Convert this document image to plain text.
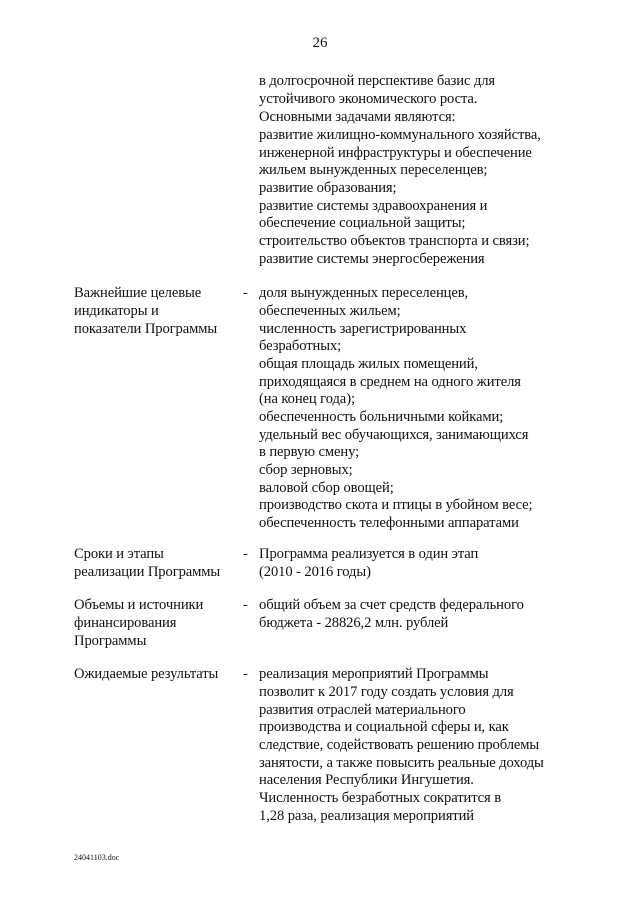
26
в долгосрочной перспективе базис для
устойчивого экономического роста.
Основными задачами являются:
развитие жилищно-коммунального хозяйства,
инженерной инфраструктуры и обеспечение
жильем вынужденных переселенцев;
развитие образования;
развитие системы здравоохранения и
обеспечение социальной защиты;
строительство объектов транспорта и связи;
развитие системы энергосбережения
Важнейшие целевые
индикаторы и
показатели Программы
- доля вынужденных переселенцев,
обеспеченных жильем;
численность зарегистрированных
безработных;
общая площадь жилых помещений,
приходящаяся в среднем на одного жителя
(на конец года);
обеспеченность больничными койками;
удельный вес обучающихся, занимающихся
в первую смену;
сбор зерновых;
валовой сбор овощей;
производство скота и птицы в убойном весе;
обеспеченность телефонными аппаратами
Сроки и этапы
реализации Программы
- Программа реализуется в один этап
(2010 - 2016 годы)
Объемы и источники
финансирования
Программы
- общий объем за счет средств федерального
бюджета - 28826,2 млн. рублей
Ожидаемые результаты - реализация мероприятий Программы
позволит к 2017 году создать условия для
развития отраслей материального
производства и социальной сферы и, как
следствие, содействовать решению проблемы
занятости, а также повысить реальные доходы
населения Республики Ингушетия.
Численность безработных сократится в
1,28 раза, реализация мероприятий
24041103.doc
